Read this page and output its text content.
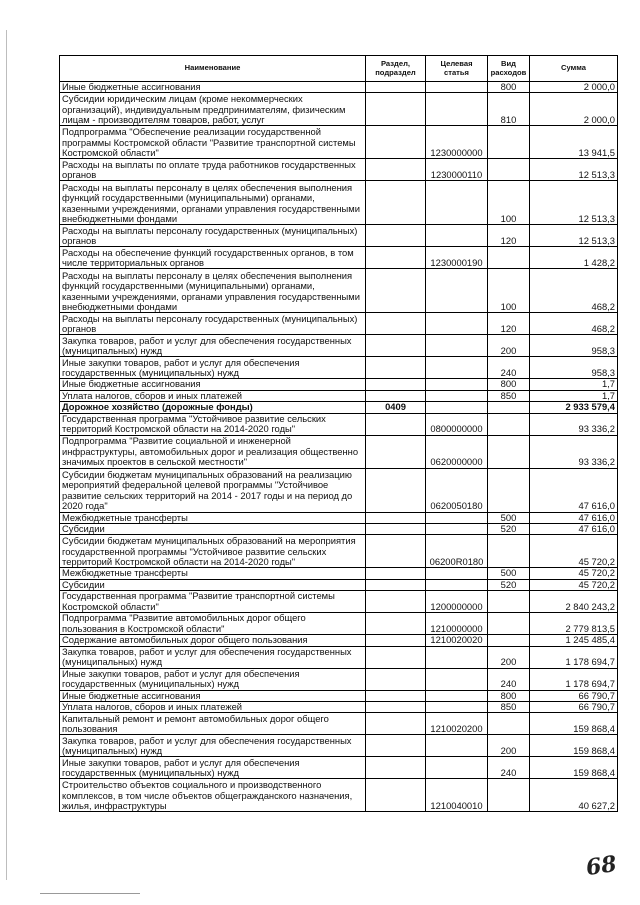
Наименование	Раздел, подраздел	Целевая статья	Вид расходов	Сумма
Иные бюджетные ассигнования			800	2 000,0
Субсидии юридическим лицам (кроме некоммерческих организаций), индивидуальным предпринимателям, физическим лицам - производителям товаров, работ, услуг			810	2 000,0
Подпрограмма "Обеспечение реализации государственной программы Костромской области "Развитие транспортной системы Костромской области"		1230000000		13 941,5
Расходы на выплаты по оплате труда работников государственных органов		1230000110		12 513,3
Расходы на выплаты персоналу в целях обеспечения выполнения функций государственными (муниципальными) органами, казенными учреждениями, органами управления государственными внебюджетными фондами			100	12 513,3
Расходы на выплаты персоналу государственных (муниципальных) органов			120	12 513,3
Расходы на обеспечение функций государственных органов, в том числе территориальных органов		1230000190		1 428,2
Расходы на выплаты персоналу в целях обеспечения выполнения функций государственными (муниципальными) органами, казенными учреждениями, органами управления государственными внебюджетными фондами			100	468,2
Расходы на выплаты персоналу государственных (муниципальных) органов			120	468,2
Закупка товаров, работ и услуг для обеспечения государственных (муниципальных) нужд			200	958,3
Иные закупки товаров, работ и услуг для обеспечения государственных (муниципальных) нужд			240	958,3
Иные бюджетные ассигнования			800	1,7
Уплата налогов, сборов и иных платежей			850	1,7
Дорожное хозяйство (дорожные фонды)	0409			2 933 579,4
Государственная программа "Устойчивое развитие сельских территорий Костромской области на 2014-2020 годы"		0800000000		93 336,2
Подпрограмма "Развитие социальной и инженерной инфраструктуры, автомобильных дорог и реализация общественно значимых проектов в сельской местности"		0620000000		93 336,2
Субсидии бюджетам муниципальных образований на реализацию мероприятий федеральной целевой программы "Устойчивое развитие сельских территорий на 2014 - 2017 годы и на период до 2020 года"		0620050180		47 616,0
Межбюджетные трансферты			500	47 616,0
Субсидии			520	47 616,0
Субсидии бюджетам муниципальных образований на мероприятия государственной программы "Устойчивое развитие сельских территорий Костромской области на 2014-2020 годы"		06200R0180		45 720,2
Межбюджетные трансферты			500	45 720,2
Субсидии			520	45 720,2
Государственная программа "Развитие транспортной системы Костромской области"		1200000000		2 840 243,2
Подпрограмма "Развитие автомобильных дорог общего пользования в Костромской области"		1210000000		2 779 813,5
Содержание автомобильных дорог общего пользования		1210020020		1 245 485,4
Закупка товаров, работ и услуг для обеспечения государственных (муниципальных) нужд			200	1 178 694,7
Иные закупки товаров, работ и услуг для обеспечения государственных (муниципальных) нужд			240	1 178 694,7
Иные бюджетные ассигнования			800	66 790,7
Уплата налогов, сборов и иных платежей			850	66 790,7
Капитальный ремонт и ремонт автомобильных дорог общего пользования		1210020200		159 868,4
Закупка товаров, работ и услуг для обеспечения государственных (муниципальных) нужд			200	159 868,4
Иные закупки товаров, работ и услуг для обеспечения государственных (муниципальных) нужд			240	159 868,4
Строительство объектов социального и производственного комплексов, в том числе объектов общегражданского назначения, жилья, инфраструктуры		1210040010		40 627,2
68
